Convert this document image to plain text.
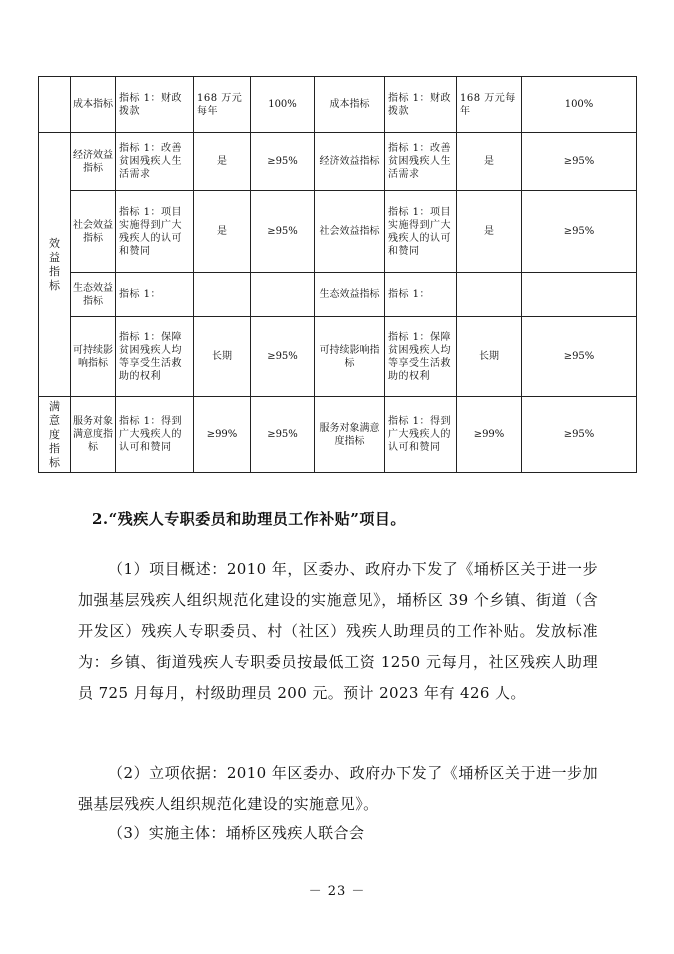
	成本指标	指标 1：财政拨款	168 万元每年	100%	成本指标	指标 1：财政拨款	168 万元每年	100%
效益指标	经济效益指标	指标 1：改善贫困残疾人生活需求	是	≥95%	经济效益指标	指标 1：改善贫困残疾人生活需求	是	≥95%
	社会效益指标	指标 1：项目实施得到广大残疾人的认可和赞同	是	≥95%	社会效益指标	指标 1：项目实施得到广大残疾人的认可和赞同	是	≥95%
	生态效益指标	指标 1：			生态效益指标	指标 1：		
	可持续影响指标	指标 1：保障贫困残疾人均等享受生活救助的权利	长期	≥95%	可持续影响指标	指标 1：保障贫困残疾人均等享受生活救助的权利	长期	≥95%
满意度指标	服务对象满意度指标	指标 1：得到广大残疾人的认可和赞同	≥99%	≥95%	服务对象满意度指标	指标 1：得到广大残疾人的认可和赞同	≥99%	≥95%
2.“残疾人专职委员和助理员工作补贴”项目。
（1）项目概述：2010 年，区委办、政府办下发了《埇桥区关于进一步加强基层残疾人组织规范化建设的实施意见》，埇桥区 39 个乡镇、街道（含开发区）残疾人专职委员、村（社区）残疾人助理员的工作补贴。发放标准为：乡镇、街道残疾人专职委员按最低工资 1250 元每月，社区残疾人助理员 725 月每月，村级助理员 200 元。预计 2023 年有 426 人。
（2）立项依据：2010 年区委办、政府办下发了《埇桥区关于进一步加强基层残疾人组织规范化建设的实施意见》。
（3）实施主体：埇桥区残疾人联合会
－ 23 －
